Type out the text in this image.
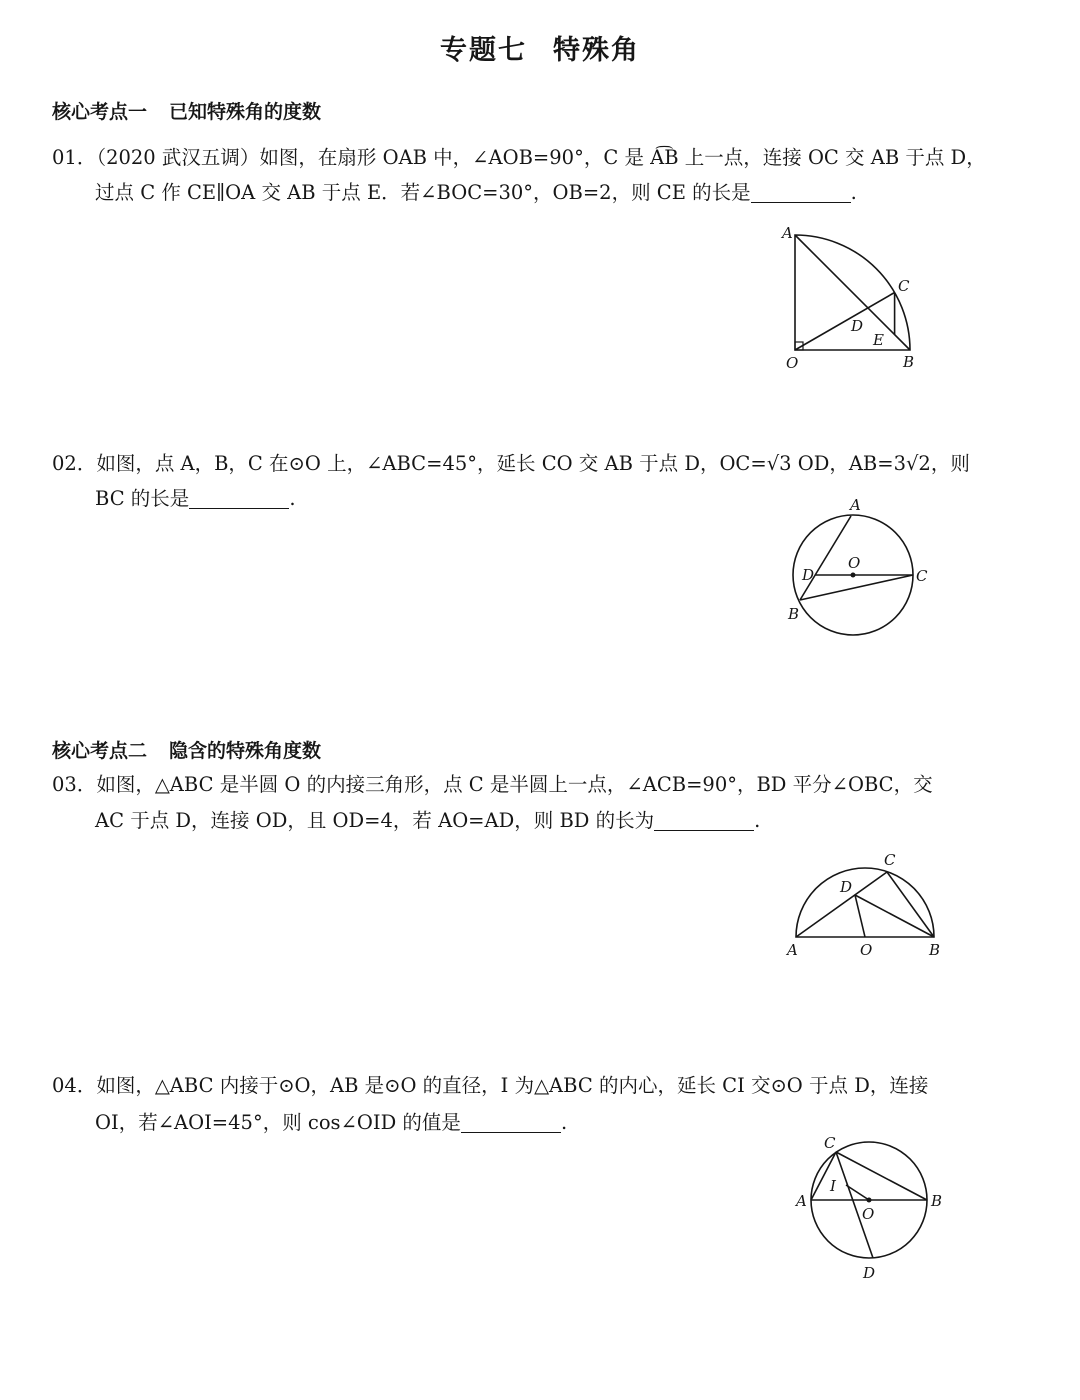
专题七 特殊角
核心考点一 已知特殊角的度数
01．（2020 武汉五调）如图，在扇形 OAB 中，∠AOB=90°，C 是 A͡B 上一点，连接 OC 交 AB 于点 D，
过点 C 作 CE∥OA 交 AB 于点 E．若∠BOC=30°，OB=2，则 CE 的长是	.
A
C
D
E
O	B
02．如图，点 A，B，C 在⊙O 上，∠ABC=45°，延长 CO 交 AB 于点 D，OC=√3 OD，AB=3√2，则
BC 的长是	.	A
O
D	C
B
核心考点二 隐含的特殊角度数
03．如图，△ABC 是半圆 O 的内接三角形，点 C 是半圆上一点，∠ACB=90°，BD 平分∠OBC，交
AC 于点 D，连接 OD，且 OD=4，若 AO=AD，则 BD 的长为	.
C
D
A	O	B
04．如图，△ABC 内接于⊙O，AB 是⊙O 的直径，I 为△ABC 的内心，延长 CI 交⊙O 于点 D，连接
OI，若∠AOI=45°，则 cos∠OID 的值是	.
C
I
A
O
B
D
